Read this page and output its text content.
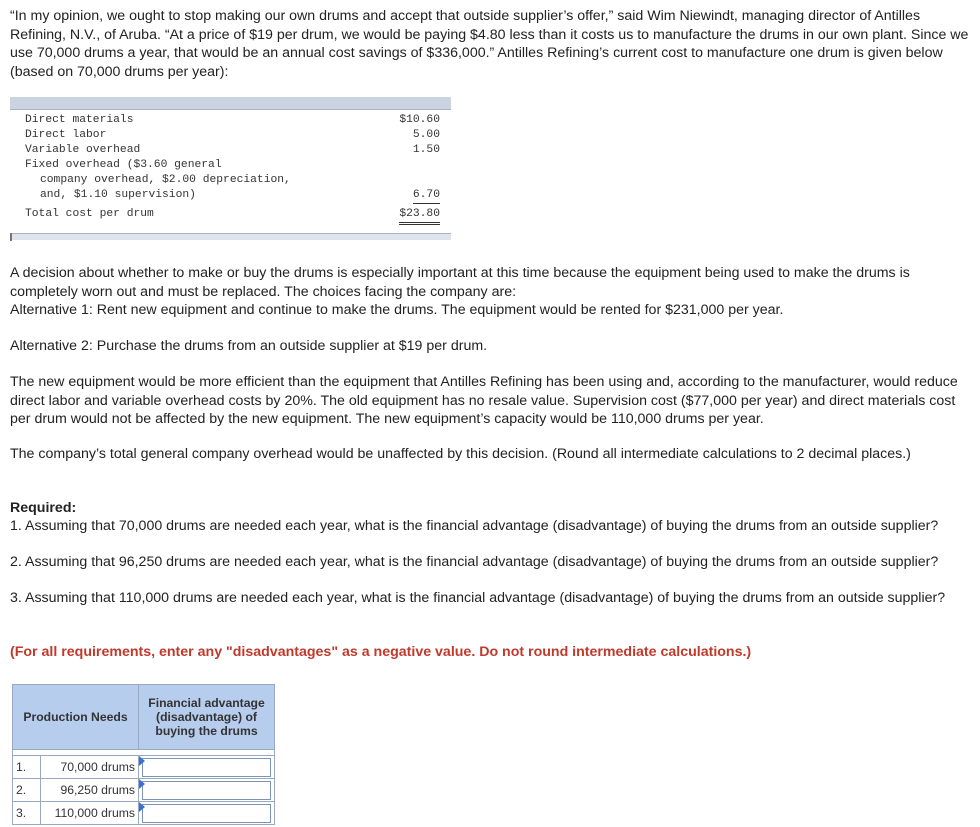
“In my opinion, we ought to stop making our own drums and accept that outside supplier’s offer,” said Wim Niewindt, managing director of Antilles Refining, N.V., of Aruba. “At a price of $19 per drum, we would be paying $4.80 less than it costs us to manufacture the drums in our own plant. Since we use 70,000 drums a year, that would be an annual cost savings of $336,000.” Antilles Refining’s current cost to manufacture one drum is given below (based on 70,000 drums per year):

Direct materials	$10.60
Direct labor	5.00
Variable overhead	1.50
Fixed overhead ($3.60 general
company overhead, $2.00 depreciation,
and, $1.10 supervision)	6.70
Total cost per drum	$23.80

A decision about whether to make or buy the drums is especially important at this time because the equipment being used to make the drums is completely worn out and must be replaced. The choices facing the company are:

Alternative 1: Rent new equipment and continue to make the drums. The equipment would be rented for $231,000 per year.

Alternative 2: Purchase the drums from an outside supplier at $19 per drum.

The new equipment would be more efficient than the equipment that Antilles Refining has been using and, according to the manufacturer, would reduce direct labor and variable overhead costs by 20%. The old equipment has no resale value. Supervision cost ($77,000 per year) and direct materials cost per drum would not be affected by the new equipment. The new equipment’s capacity would be 110,000 drums per year.

The company’s total general company overhead would be unaffected by this decision. (Round all intermediate calculations to 2 decimal places.)

Required:

1. Assuming that 70,000 drums are needed each year, what is the financial advantage (disadvantage) of buying the drums from an outside supplier?

2. Assuming that 96,250 drums are needed each year, what is the financial advantage (disadvantage) of buying the drums from an outside supplier?

3. Assuming that 110,000 drums are needed each year, what is the financial advantage (disadvantage) of buying the drums from an outside supplier?

(For all requirements, enter any "disadvantages" as a negative value. Do not round intermediate calculations.)

Production Needs		Financial advantage (disadvantage) of buying the drums

1.	70,000 drums	

2.	96,250 drums	

3.	110,000 drums	
